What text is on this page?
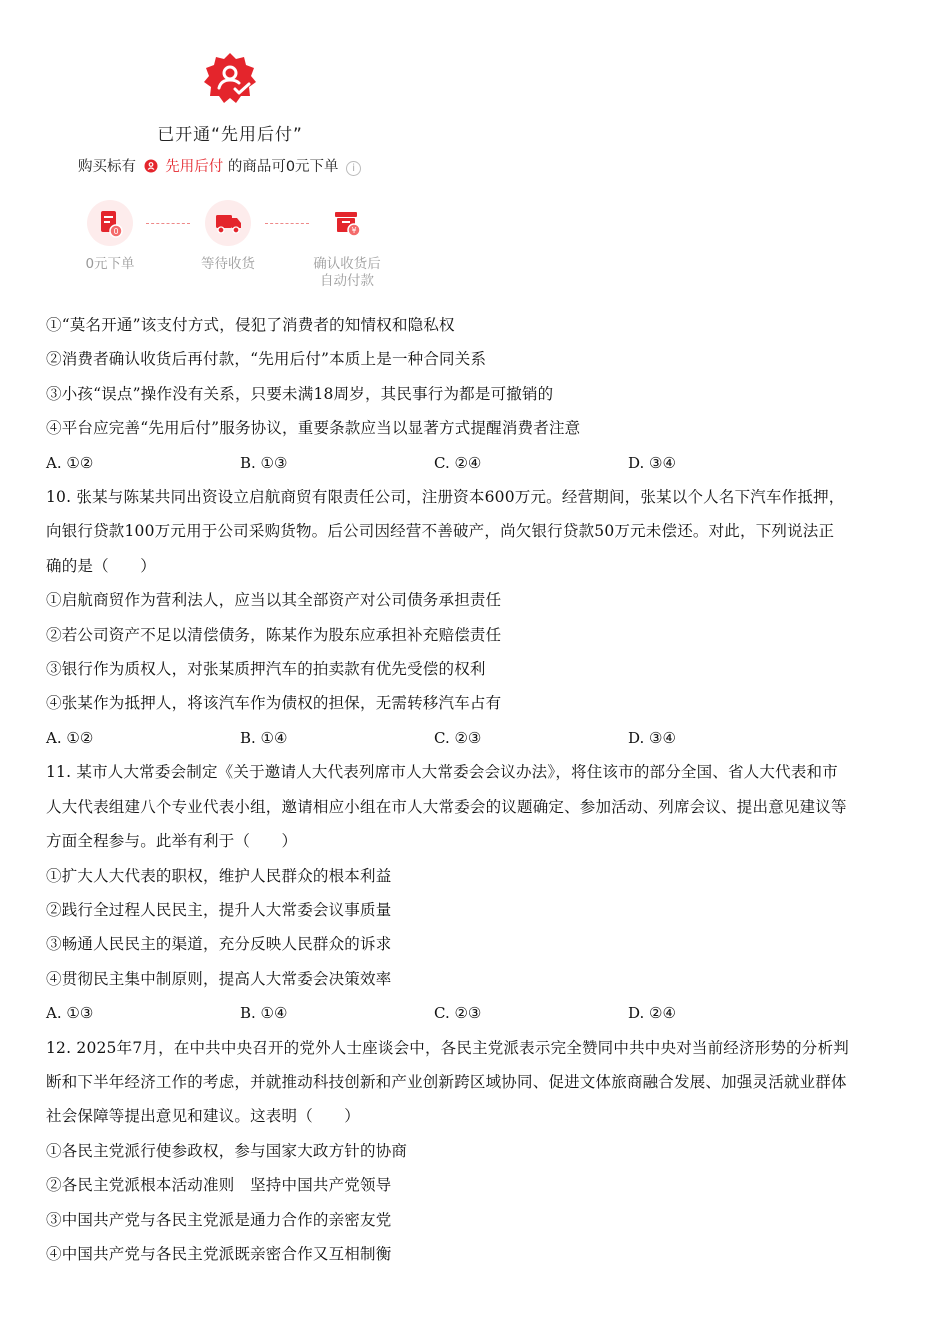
已开通“先用后付”
购买标有 先用后付 的商品可0元下单 i
0
0元下单	等待收货
¥
确认收货后
自动付款
①“莫名开通”该支付方式，侵犯了消费者的知情权和隐私权
②消费者确认收货后再付款，“先用后付”本质上是一种合同关系
③小孩“误点”操作没有关系，只要未满18周岁，其民事行为都是可撤销的
④平台应完善“先用后付”服务协议，重要条款应当以显著方式提醒消费者注意
A. ①②	B. ①③	C. ②④	D. ③④
10. 张某与陈某共同出资设立启航商贸有限责任公司，注册资本600万元。经营期间，张某以个人名下汽车作抵押，
向银行贷款100万元用于公司采购货物。后公司因经营不善破产，尚欠银行贷款50万元未偿还。对此，下列说法正
确的是（　　）
①启航商贸作为营利法人，应当以其全部资产对公司债务承担责任
②若公司资产不足以清偿债务，陈某作为股东应承担补充赔偿责任
③银行作为质权人，对张某质押汽车的拍卖款有优先受偿的权利
④张某作为抵押人，将该汽车作为债权的担保，无需转移汽车占有
A. ①②	B. ①④	C. ②③	D. ③④
11. 某市人大常委会制定《关于邀请人大代表列席市人大常委会会议办法》，将住该市的部分全国、省人大代表和市
人大代表组建八个专业代表小组，邀请相应小组在市人大常委会的议题确定、参加活动、列席会议、提出意见建议等
方面全程参与。此举有利于（　　）
①扩大人大代表的职权，维护人民群众的根本利益
②践行全过程人民民主，提升人大常委会议事质量
③畅通人民民主的渠道，充分反映人民群众的诉求
④贯彻民主集中制原则，提高人大常委会决策效率
A. ①③	B. ①④	C. ②③	D. ②④
12. 2025年7月，在中共中央召开的党外人士座谈会中，各民主党派表示完全赞同中共中央对当前经济形势的分析判
断和下半年经济工作的考虑，并就推动科技创新和产业创新跨区域协同、促进文体旅商融合发展、加强灵活就业群体
社会保障等提出意见和建议。这表明（　　）
①各民主党派行使参政权，参与国家大政方针的协商
②各民主党派根本活动准则　坚持中国共产党领导
③中国共产党与各民主党派是通力合作的亲密友党
④中国共产党与各民主党派既亲密合作又互相制衡
